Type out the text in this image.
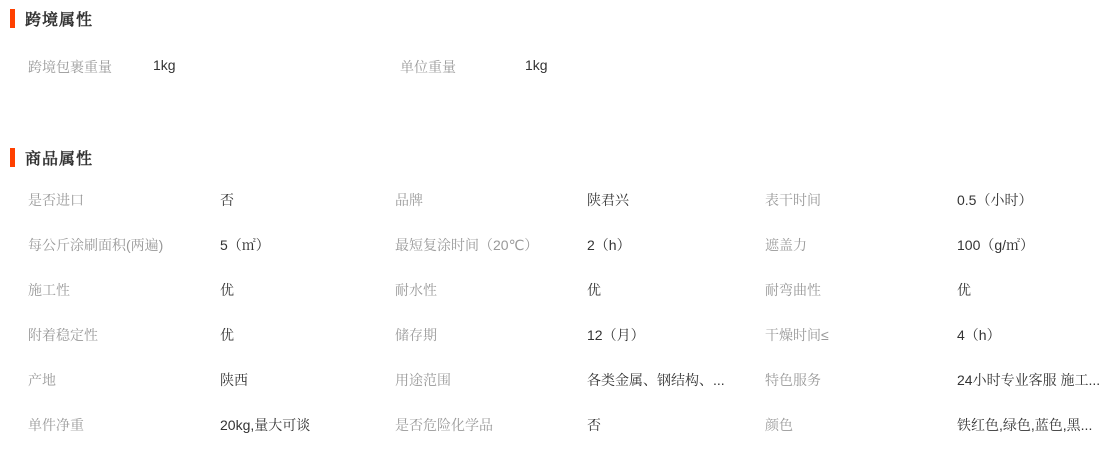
跨境属性
跨境包裹重量	1kg	单位重量	1kg
商品属性
是否进口	否	品牌	陕君兴	表干时间	0.5（小时）
每公斤涂刷面积(两遍)	5（㎡）	最短复涂时间（20℃）	2（h）	遮盖力	100（g/㎡）
施工性	优	耐水性	优	耐弯曲性	优
附着稳定性	优	储存期	12（月）	干燥时间≤	4（h）
产地	陕西	用途范围	各类金属、钢结构、...	特色服务	24小时专业客服 施工...
单件净重	20kg,量大可谈	是否危险化学品	否	颜色	铁红色,绿色,蓝色,黑...
